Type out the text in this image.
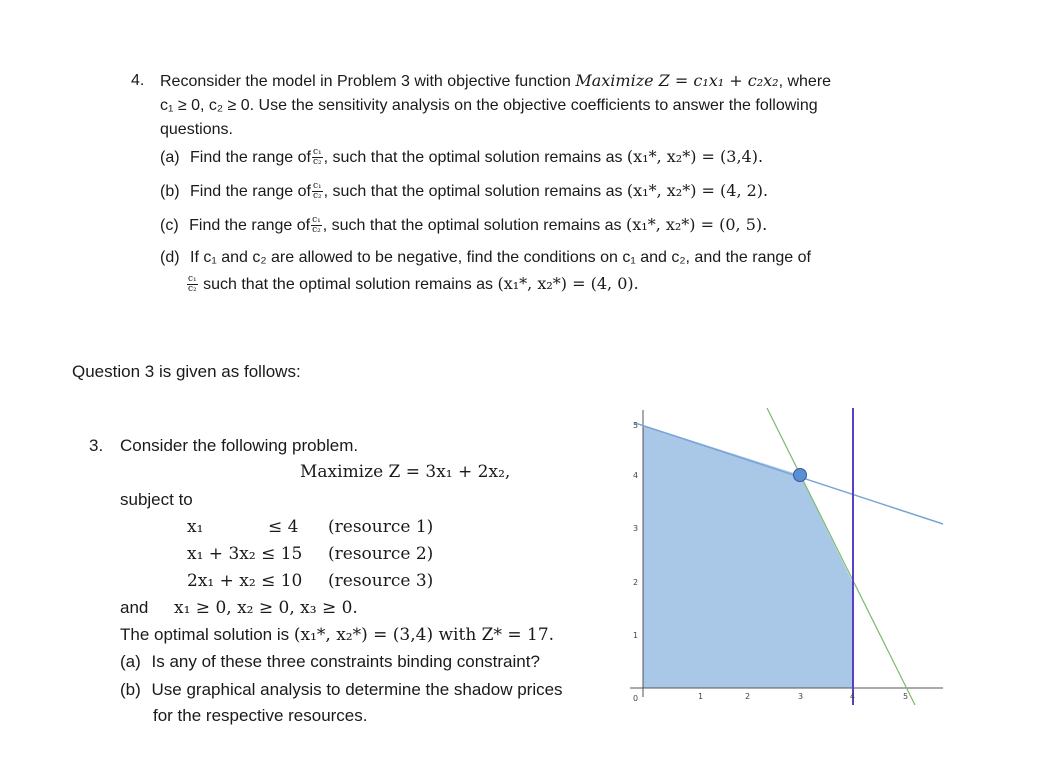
4. Reconsider the model in Problem 3 with objective function Maximize Z = c₁x₁ + c₂x₂, where
c₁ ≥ 0, c₂ ≥ 0. Use the sensitivity analysis on the objective coefficients to answer the following
questions.
(a) Find the range of $\frac{\text{c₁}}{\text{c₂}}$ , such that the optimal solution remains as (x₁*, x₂*) = (3,4).
(b) Find the range of $\frac{\text{c₁}}{\text{c₂}}$ , such that the optimal solution remains as (x₁*, x₂*) = (4, 2).
(c) Find the range of $\frac{\text{c₁}}{\text{c₂}}$ , such that the optimal solution remains as (x₁*, x₂*) = (0, 5).
(d) If c₁ and c₂ are allowed to be negative, find the conditions on c₁ and c₂, and the range of
$\frac{\text{c₁}}{\text{c₂}}$ such that the optimal solution remains as (x₁*, x₂*) = (4, 0).
Question 3 is given as follows:
3. Consider the following problem.
Maximize Z = 3x₁ + 2x₂,
subject to
x₁	≤ 4 (resource 1)
x₁ + 3x₂ ≤ 15 (resource 2)
2x₁ + x₂ ≤ 10 (resource 3)
and x₁ ≥ 0, x₂ ≥ 0, x₃ ≥ 0.
The optimal solution is (x₁*, x₂*) = (3,4) with Z* = 17.
(a) Is any of these three constraints binding constraint?
(b) Use graphical analysis to determine the shadow prices
for the respective resources.
0	1	2	3	4	5
1
2
3
4
5
